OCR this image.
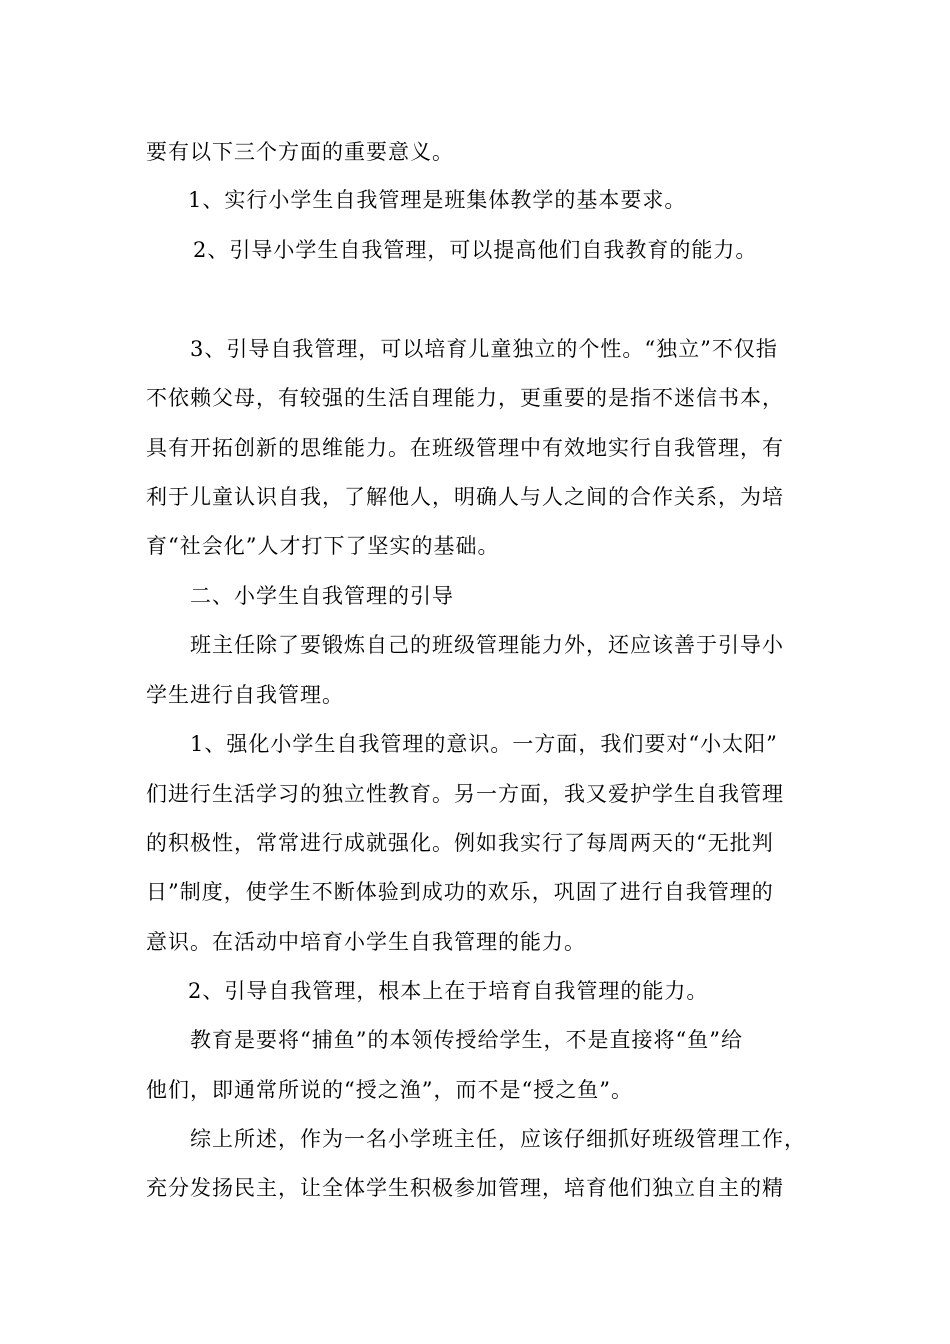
要有以下三个方面的重要意义。
1、实行小学生自我管理是班集体教学的基本要求。
2、引导小学生自我管理，可以提高他们自我教育的能力。
3、引导自我管理，可以培育儿童独立的个性。“独立”不仅指
不依赖父母，有较强的生活自理能力，更重要的是指不迷信书本，
具有开拓创新的思维能力。在班级管理中有效地实行自我管理，有
利于儿童认识自我，了解他人，明确人与人之间的合作关系，为培
育“社会化”人才打下了坚实的基础。
二、小学生自我管理的引导
班主任除了要锻炼自己的班级管理能力外，还应该善于引导小
学生进行自我管理。
1、强化小学生自我管理的意识。一方面，我们要对“小太阳”
们进行生活学习的独立性教育。另一方面，我又爱护学生自我管理
的积极性，常常进行成就强化。例如我实行了每周两天的“无批判
日”制度，使学生不断体验到成功的欢乐，巩固了进行自我管理的
意识。在活动中培育小学生自我管理的能力。
2、引导自我管理，根本上在于培育自我管理的能力。
教育是要将“捕鱼”的本领传授给学生，不是直接将“鱼”给
他们，即通常所说的“授之渔”，而不是“授之鱼”。
综上所述，作为一名小学班主任，应该仔细抓好班级管理工作，
充分发扬民主，让全体学生积极参加管理，培育他们独立自主的精
